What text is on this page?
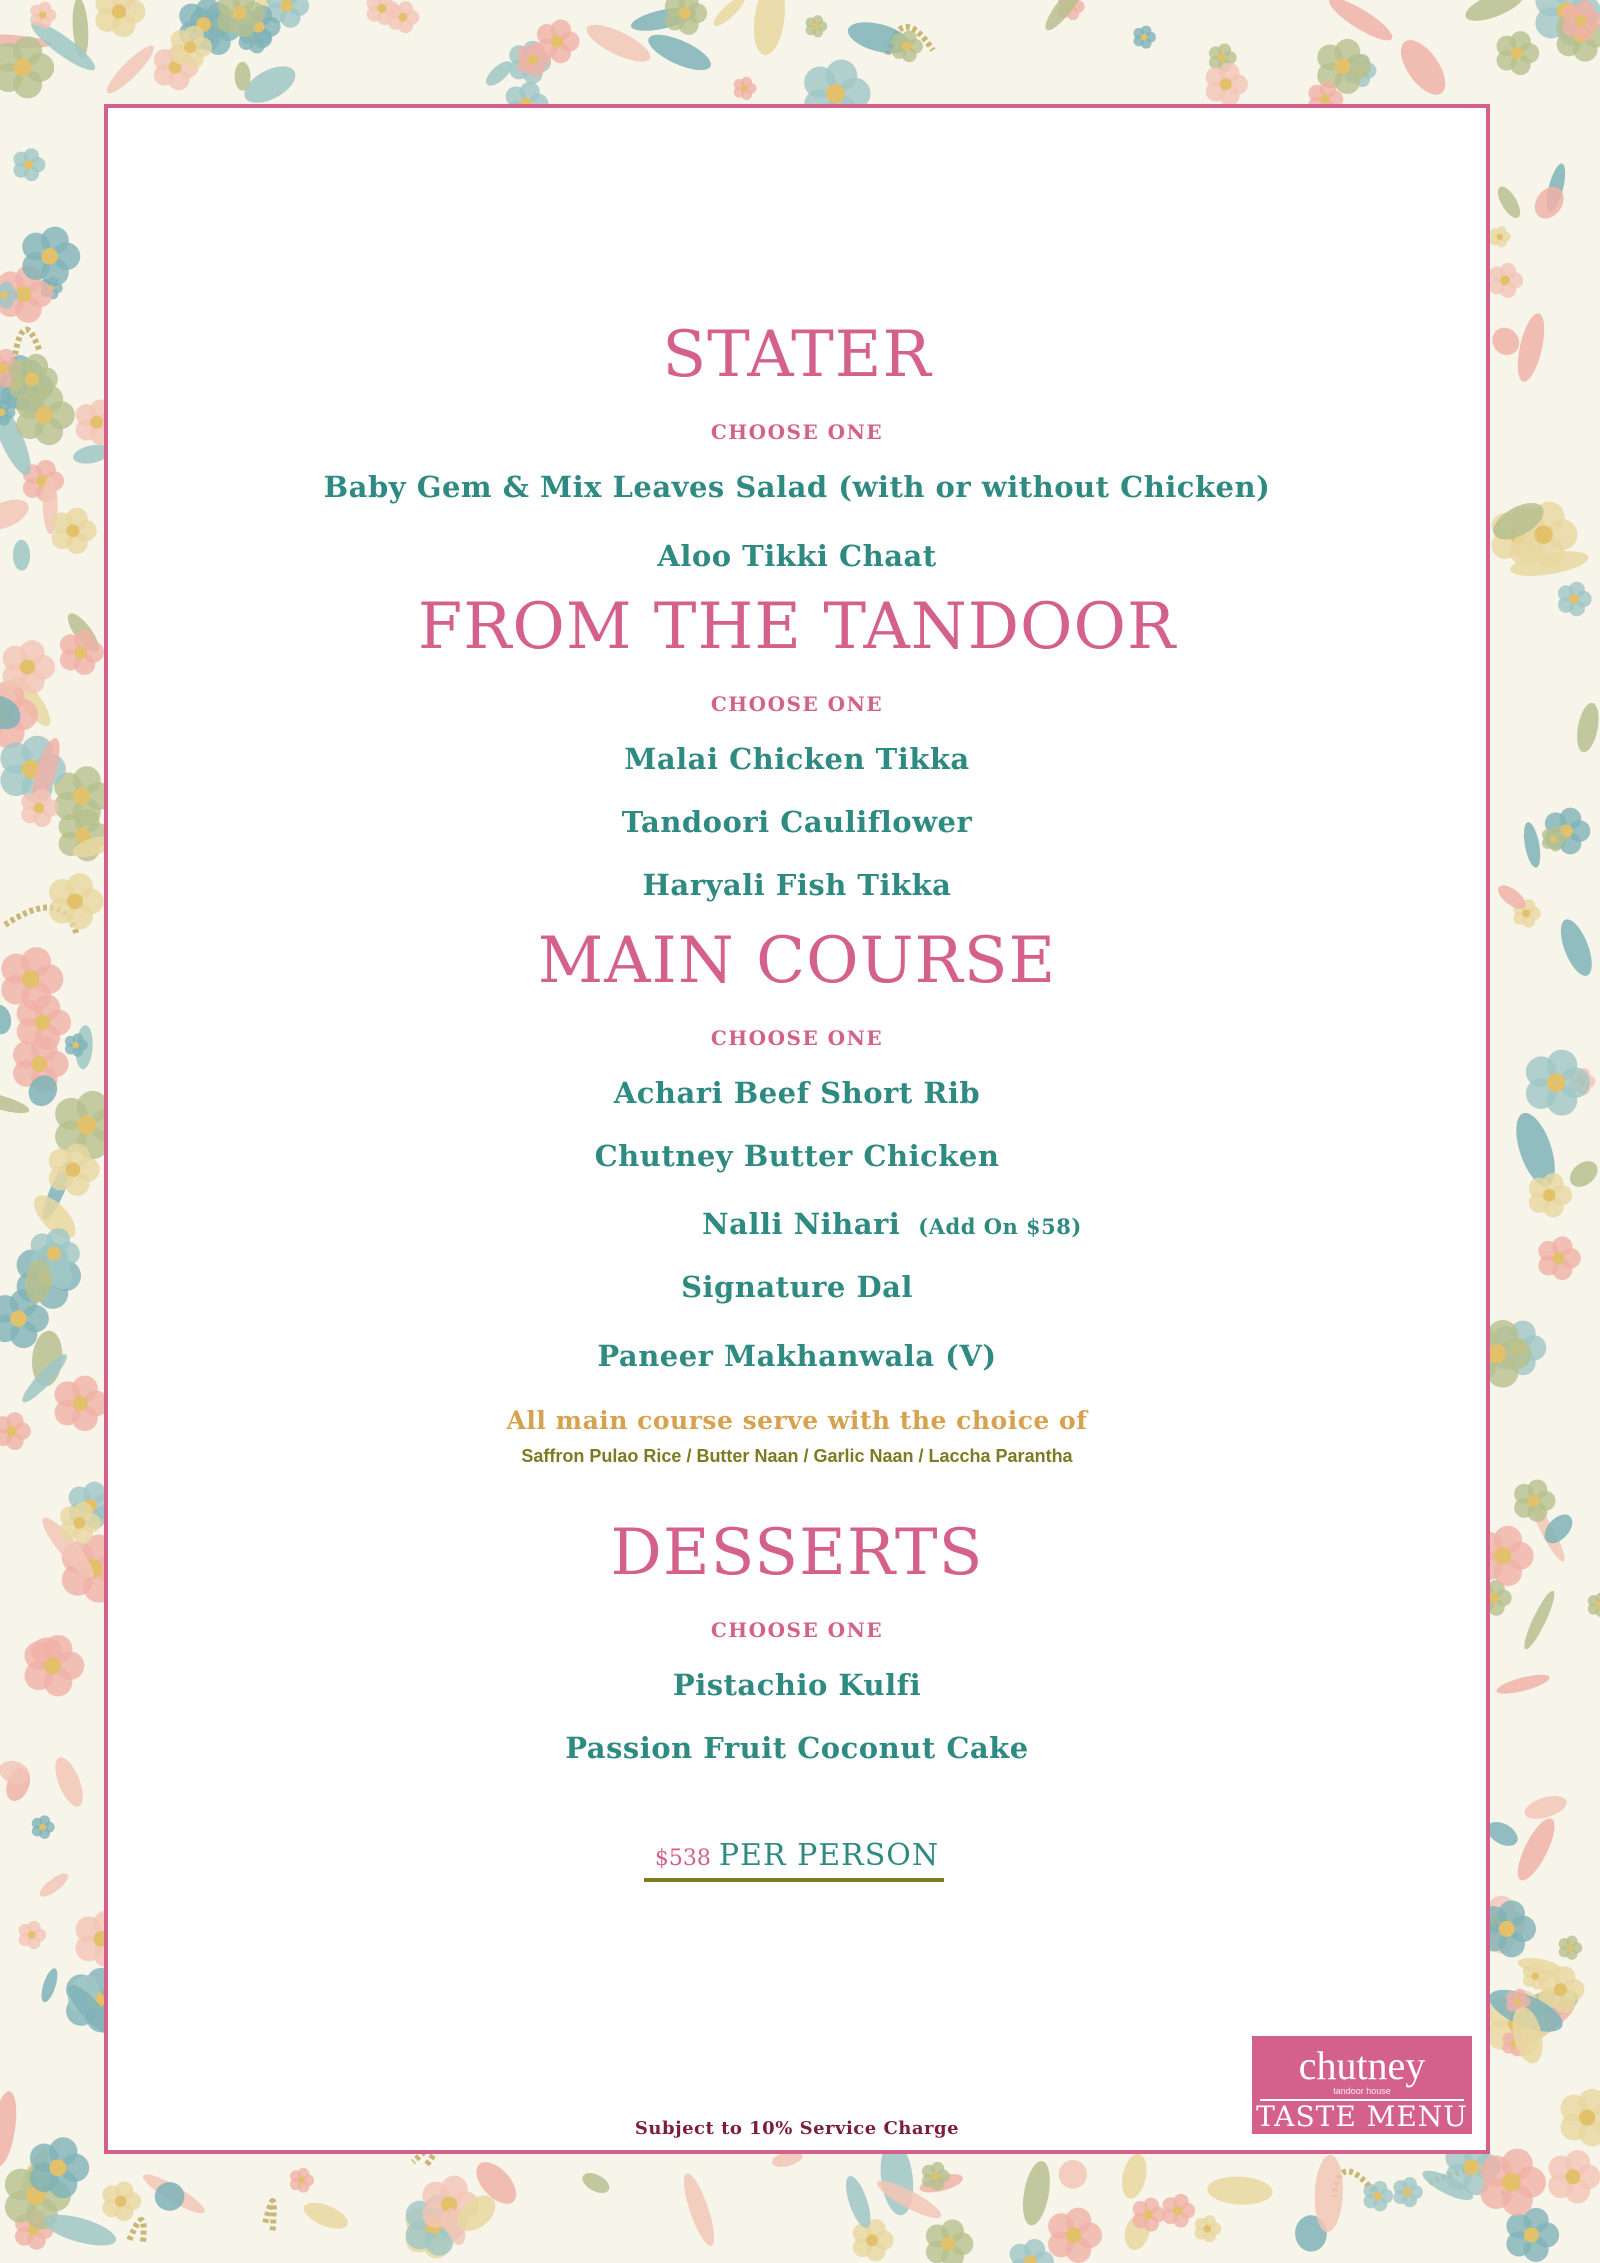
STATER
CHOOSE ONE
Baby Gem & Mix Leaves Salad (with or without Chicken)
Aloo Tikki Chaat
FROM THE TANDOOR
CHOOSE ONE
Malai Chicken Tikka
Tandoori Cauliflower
Haryali Fish Tikka
MAIN COURSE
CHOOSE ONE
Achari Beef Short Rib
Chutney Butter Chicken
Nalli Nihari (Add On $58)
Signature Dal
Paneer Makhanwala (V)
All main course serve with the choice of
Saffron Pulao Rice / Butter Naan / Garlic Naan / Laccha Parantha
DESSERTS
CHOOSE ONE
Pistachio Kulfi
Passion Fruit Coconut Cake
$538 PER PERSON
Subject to 10% Service Charge
chutney
tandoor house
TASTE MENU
